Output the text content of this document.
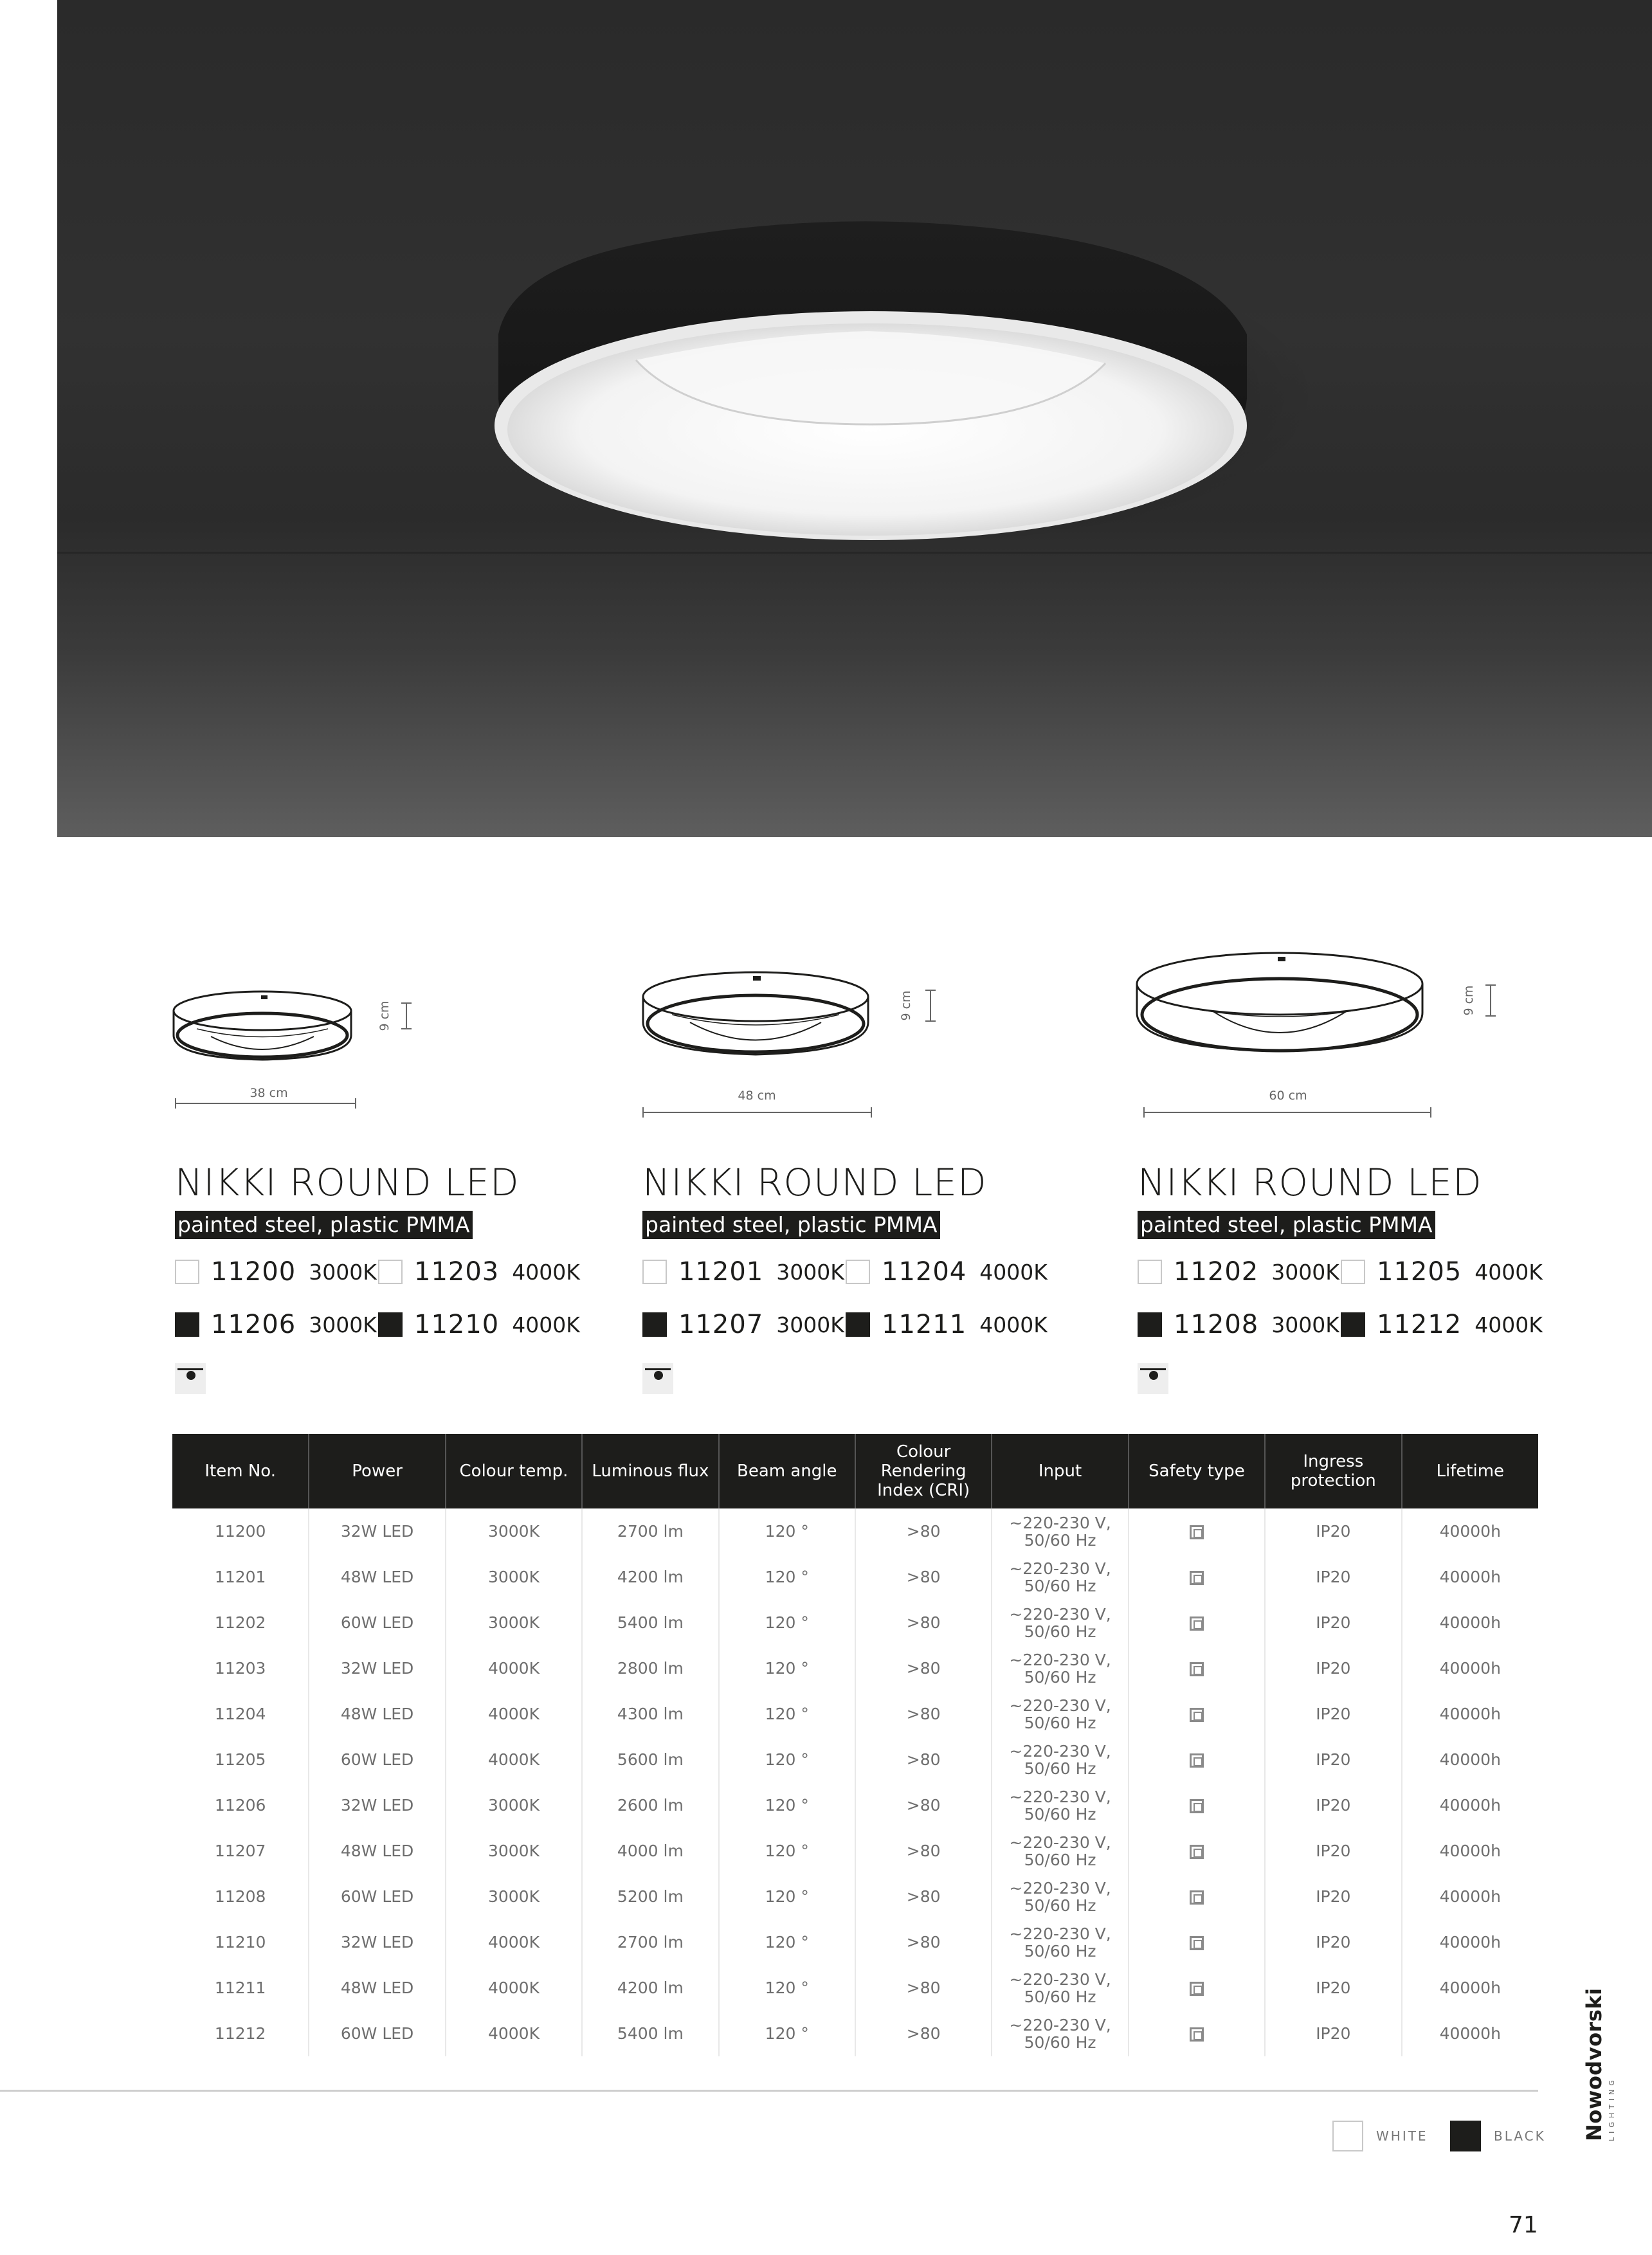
38 cm
9 cm
NIKKI ROUND LED
painted steel, plastic PMMA
11200 3000K 11203 4000K
11206 3000K 11210 4000K
48 cm
9 cm
NIKKI ROUND LED
painted steel, plastic PMMA
11201 3000K 11204 4000K
11207 3000K 11211 4000K
60 cm
9 cm
NIKKI ROUND LED
painted steel, plastic PMMA
11202 3000K 11205 4000K
11208 3000K 11212 4000K
Item No.	Power	Colour temp.	Luminous flux	Beam angle	Colour Rendering Index (CRI)	Input	Safety type	Ingress protection	Lifetime
11200	32W LED	3000K	2700 lm	120 °	>80	~220-230 V, 50/60 Hz		IP20	40000h
11201	48W LED	3000K	4200 lm	120 °	>80	~220-230 V, 50/60 Hz		IP20	40000h
11202	60W LED	3000K	5400 lm	120 °	>80	~220-230 V, 50/60 Hz		IP20	40000h
11203	32W LED	4000K	2800 lm	120 °	>80	~220-230 V, 50/60 Hz		IP20	40000h
11204	48W LED	4000K	4300 lm	120 °	>80	~220-230 V, 50/60 Hz		IP20	40000h
11205	60W LED	4000K	5600 lm	120 °	>80	~220-230 V, 50/60 Hz		IP20	40000h
11206	32W LED	3000K	2600 lm	120 °	>80	~220-230 V, 50/60 Hz		IP20	40000h
11207	48W LED	3000K	4000 lm	120 °	>80	~220-230 V, 50/60 Hz		IP20	40000h
11208	60W LED	3000K	5200 lm	120 °	>80	~220-230 V, 50/60 Hz		IP20	40000h
11210	32W LED	4000K	2700 lm	120 °	>80	~220-230 V, 50/60 Hz		IP20	40000h
11211	48W LED	4000K	4200 lm	120 °	>80	~220-230 V, 50/60 Hz		IP20	40000h
11212	60W LED	4000K	5400 lm	120 °	>80	~220-230 V, 50/60 Hz		IP20	40000h
WHITE	BLACK Nowodvorski LIGHTING
71
